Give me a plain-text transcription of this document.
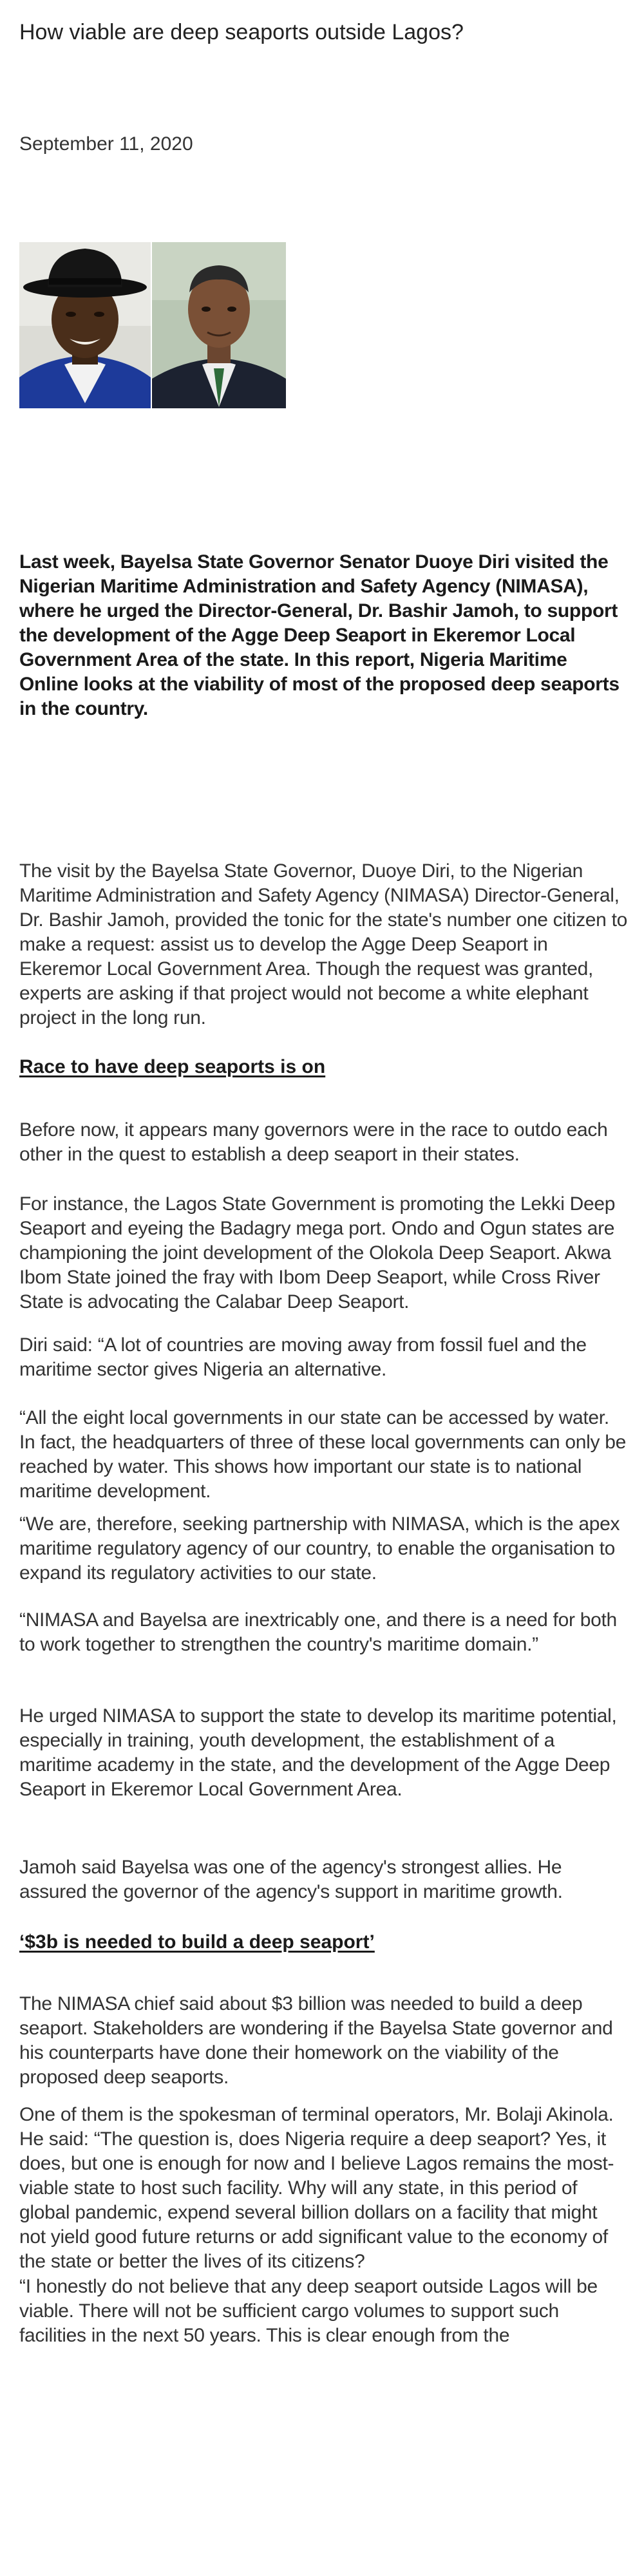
How viable are deep seaports outside Lagos?

September 11, 2020

Last week, Bayelsa State Governor Senator Duoye Diri visited the Nigerian Maritime Administration and Safety Agency (NIMASA), where he urged the Director-General, Dr. Bashir Jamoh, to support the development of the Agge Deep Seaport in Ekeremor Local Government Area of the state. In this report, Nigeria Maritime Online looks at the viability of most of the proposed deep seaports in the country.

The visit by the Bayelsa State Governor, Duoye Diri, to the Nigerian Maritime Administration and Safety Agency (NIMASA) Director-General, Dr. Bashir Jamoh, provided the tonic for the state's number one citizen to make a request: assist us to develop the Agge Deep Seaport in Ekeremor Local Government Area. Though the request was granted, experts are asking if that project would not become a white elephant project in the long run.

Race to have deep seaports is on

Before now, it appears many governors were in the race to outdo each other in the quest to establish a deep seaport in their states.

For instance, the Lagos State Government is promoting the Lekki Deep Seaport and eyeing the Badagry mega port. Ondo and Ogun states are championing the joint development of the Olokola Deep Seaport. Akwa Ibom State joined the fray with Ibom Deep Seaport, while Cross River State is advocating the Calabar Deep Seaport.

Diri said: “A lot of countries are moving away from fossil fuel and the maritime sector gives Nigeria an alternative.

“All the eight local governments in our state can be accessed by water. In fact, the headquarters of three of these local governments can only be reached by water. This shows how important our state is to national maritime development.

“We are, therefore, seeking partnership with NIMASA, which is the apex maritime regulatory agency of our country, to enable the organisation to expand its regulatory activities to our state.

“NIMASA and Bayelsa are inextricably one, and there is a need for both to work together to strengthen the country's maritime domain.”

He urged NIMASA to support the state to develop its maritime potential, especially in training, youth development, the establishment of a maritime academy in the state, and the development of the Agge Deep Seaport in Ekeremor Local Government Area.

Jamoh said Bayelsa was one of the agency's strongest allies. He assured the governor of the agency's support in maritime growth.

‘$3b is needed to build a deep seaport’

The NIMASA chief said about $3 billion was needed to build a deep seaport. Stakeholders are wondering if the Bayelsa State governor and his counterparts have done their homework on the viability of the proposed deep seaports.

One of them is the spokesman of terminal operators, Mr. Bolaji Akinola. He said: “The question is, does Nigeria require a deep seaport? Yes, it does, but one is enough for now and I believe Lagos remains the most-viable state to host such facility. Why will any state, in this period of global pandemic, expend several billion dollars on a facility that might not yield good future returns or add significant value to the economy of the state or better the lives of its citizens?

“I honestly do not believe that any deep seaport outside Lagos will be viable. There will not be sufficient cargo volumes to support such facilities in the next 50 years. This is clear enough from the
